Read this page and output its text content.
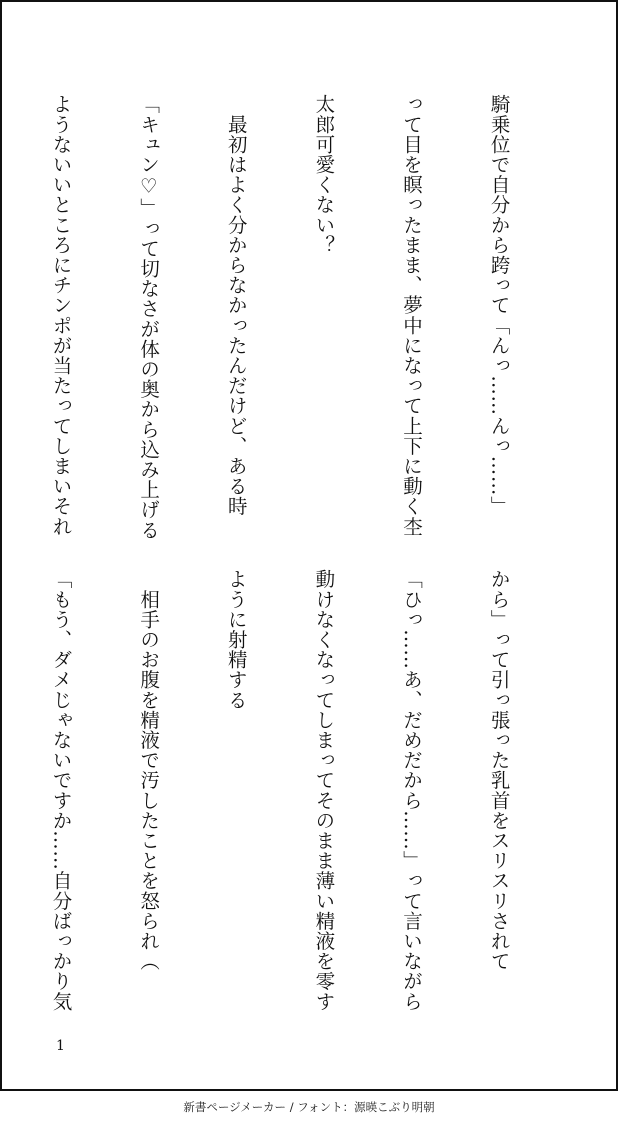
騎乗位で自分から跨って「んっ……んっ……」

って目を瞑ったまま、夢中になって上下に動く杢

太郎可愛くない？

　最初はよく分からなかったんだけど、ある時

「キュン♡」って切なさが体の奥から込み上げる

ようないいところにチンポが当たってしまいそれ

から」って引っ張った乳首をスリスリされて

「ひっ……あ、だめだから……」って言いながら

動けなくなってしまってそのまま薄い精液を零す

ように射精する

　相手のお腹を精液で汚したことを怒られ（

「もう、ダメじゃないですか……自分ばっかり気

1
新書ページメーカー / フォント：源暎こぶり明朝
